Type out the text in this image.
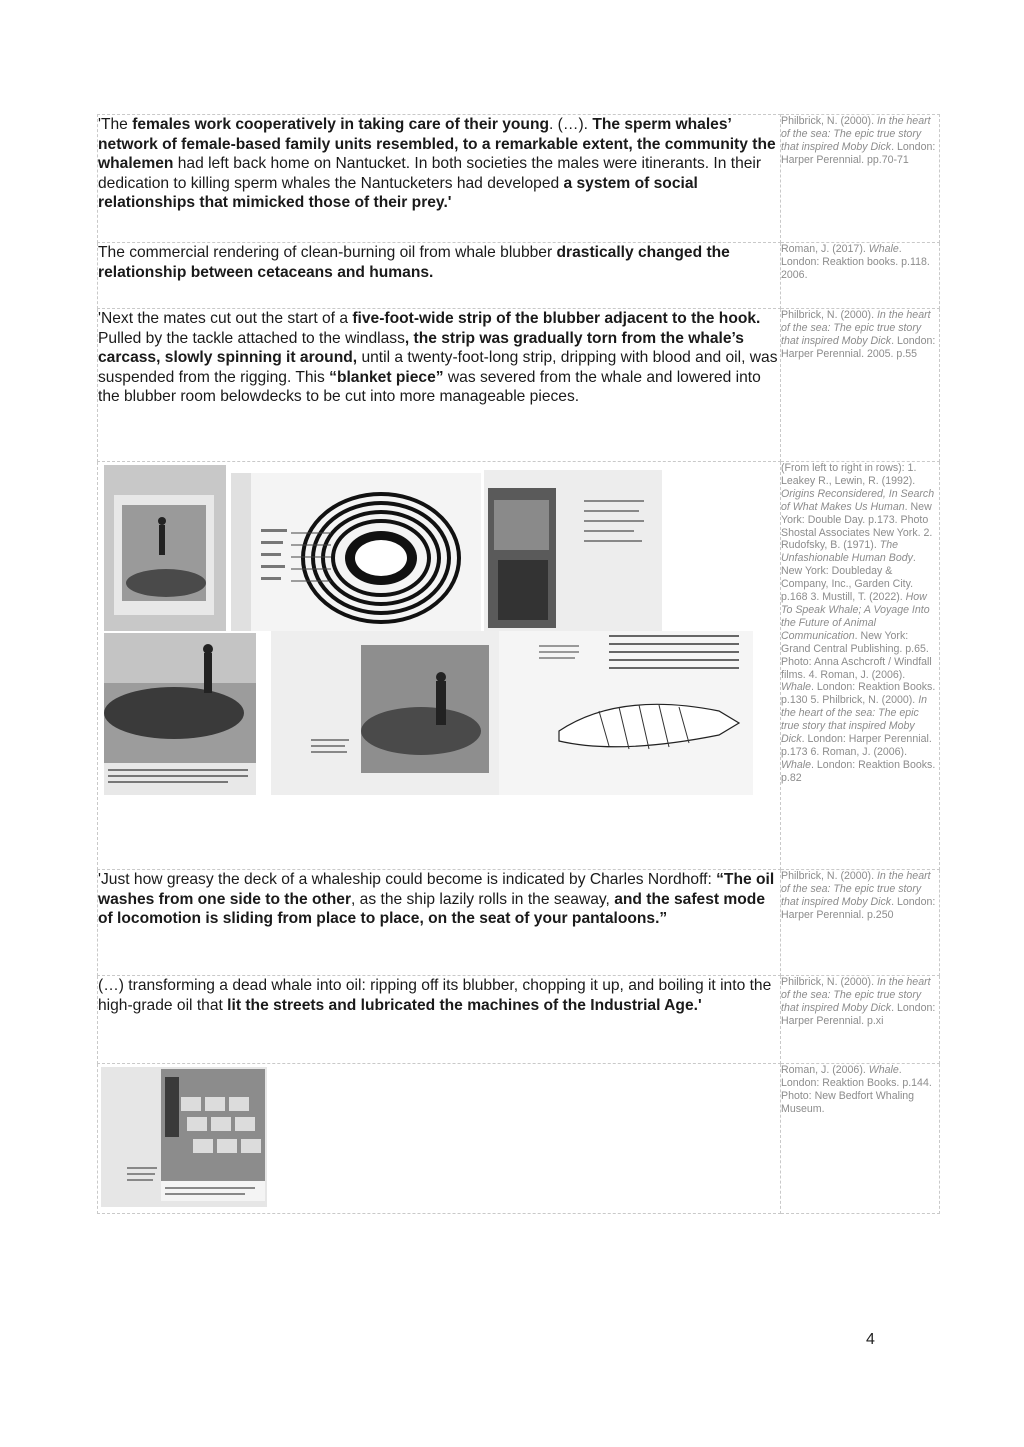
'The females work cooperatively in taking care of their young. (…). The sperm whales’ network of female-based family units resembled, to a remarkable extent, the community the whalemen had left back home on Nantucket. In both societies the males were itinerants. In their dedication to killing sperm whales the Nantucketers had developed a system of social relationships that mimicked those of their prey.'	Philbrick, N. (2000). In the heart of the sea: The epic true story that inspired Moby Dick. London: Harper Perennial. pp.70-71
The commercial rendering of clean-burning oil from whale blubber drastically changed the relationship between cetaceans and humans.	Roman, J. (2017). Whale. London: Reaktion books. p.118. 2006.
'Next the mates cut out the start of a five-foot-wide strip of the blubber adjacent to the hook. Pulled by the tackle attached to the windlass, the strip was gradually torn from the whale’s carcass, slowly spinning it around, until a twenty-foot-long strip, dripping with blood and oil, was suspended from the rigging. This “blanket piece” was severed from the whale and lowered into the blubber room belowdecks to be cut into more manageable pieces.	Philbrick, N. (2000). In the heart of the sea: The epic true story that inspired Moby Dick. London: Harper Perennial. 2005. p.55

	(From left to right in rows): 1. Leakey R., Lewin, R. (1992). Origins Reconsidered, In Search of What Makes Us Human. New York: Double Day. p.173. Photo Shostal Associates New York. 2. Rudofsky, B. (1971). The Unfashionable Human Body. New York: Doubleday & Company, Inc., Garden City. p.168 3. Mustill, T. (2022). How To Speak Whale; A Voyage Into the Future of Animal Communication. New York: Grand Central Publishing. p.65. Photo: Anna Aschcroft / Windfall films. 4. Roman, J. (2006). Whale. London: Reaktion Books. p.130 5. Philbrick, N. (2000). In the heart of the sea: The epic true story that inspired Moby Dick. London: Harper Perennial. p.173 6. Roman, J. (2006). Whale. London: Reaktion Books. p.82
'Just how greasy the deck of a whaleship could become is indicated by Charles Nordhoff: “The oil washes from one side to the other, as the ship lazily rolls in the seaway, and the safest mode of locomotion is sliding from place to place, on the seat of your pantaloons.”	Philbrick, N. (2000). In the heart of the sea: The epic true story that inspired Moby Dick. London: Harper Perennial. p.250
(…) transforming a dead whale into oil: ripping off its blubber, chopping it up, and boiling it into the high-grade oil that lit the streets and lubricated the machines of the Industrial Age.'	Philbrick, N. (2000). In the heart of the sea: The epic true story that inspired Moby Dick. London: Harper Perennial. p.xi

	Roman, J. (2006). Whale. London: Reaktion Books. p.144. Photo: New Bedfort Whaling Museum.
4
